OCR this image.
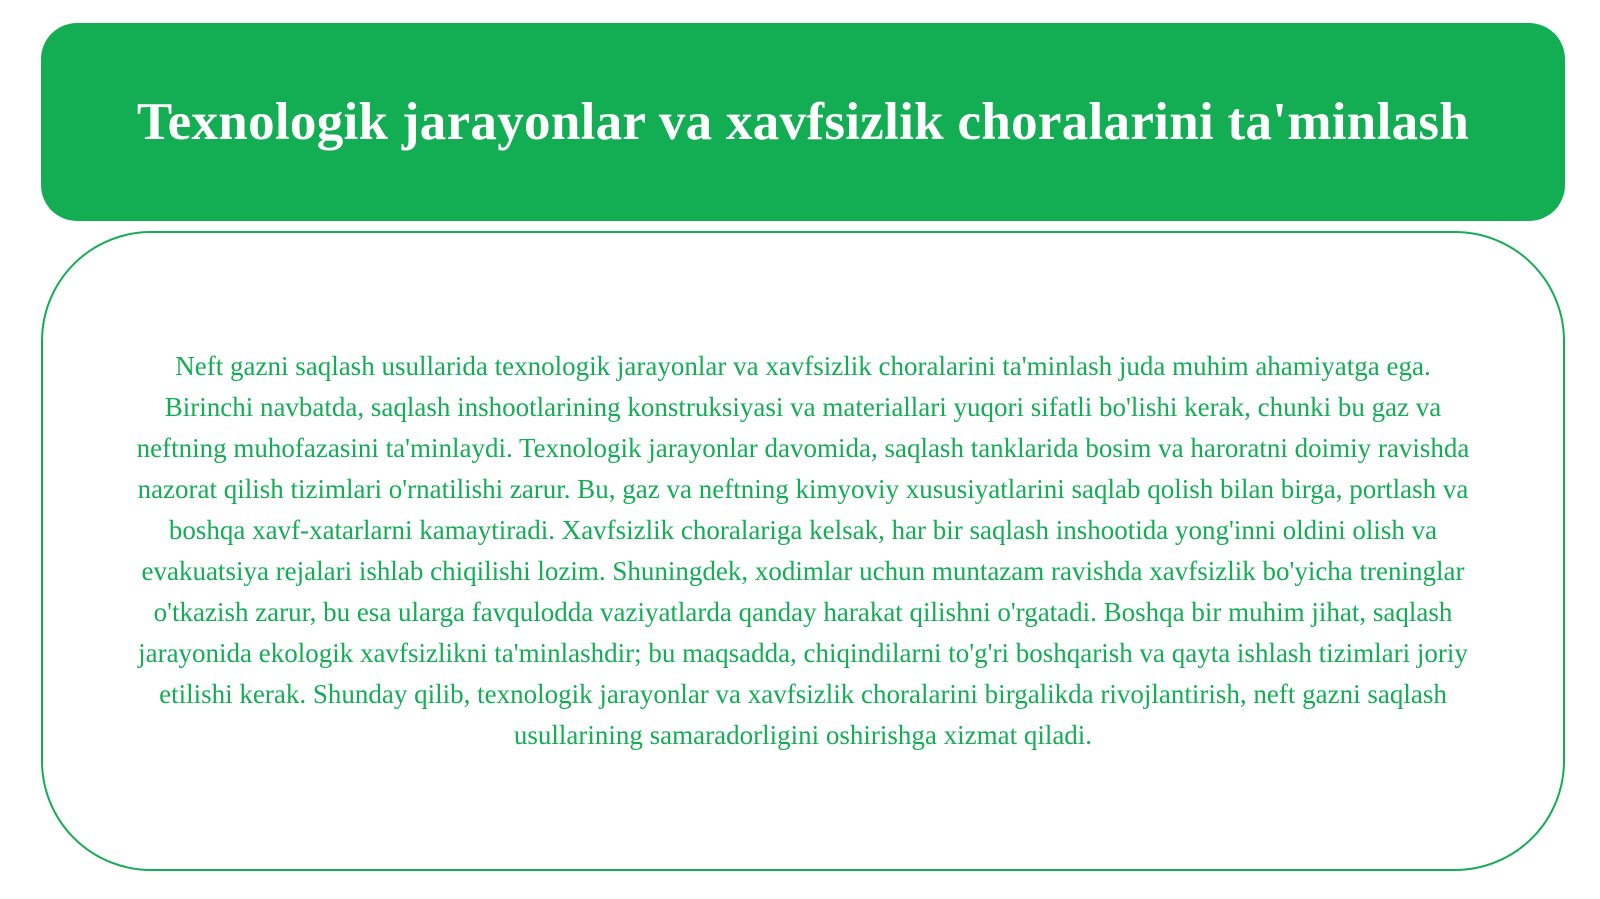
Texnologik jarayonlar va xavfsizlik choralarini ta'minlash

Neft gazni saqlash usullarida texnologik jarayonlar va xavfsizlik choralarini ta'minlash juda muhim ahamiyatga ega. Birinchi navbatda, saqlash inshootlarining konstruksiyasi va materiallari yuqori sifatli bo'lishi kerak, chunki bu gaz va neftning muhofazasini ta'minlaydi. Texnologik jarayonlar davomida, saqlash tanklarida bosim va haroratni doimiy ravishda nazorat qilish tizimlari o'rnatilishi zarur. Bu, gaz va neftning kimyoviy xususiyatlarini saqlab qolish bilan birga, portlash va boshqa xavf-xatarlarni kamaytiradi. Xavfsizlik choralariga kelsak, har bir saqlash inshootida yong'inni oldini olish va evakuatsiya rejalari ishlab chiqilishi lozim. Shuningdek, xodimlar uchun muntazam ravishda xavfsizlik bo'yicha treninglar o'tkazish zarur, bu esa ularga favqulodda vaziyatlarda qanday harakat qilishni o'rgatadi. Boshqa bir muhim jihat, saqlash jarayonida ekologik xavfsizlikni ta'minlashdir; bu maqsadda, chiqindilarni to'g'ri boshqarish va qayta ishlash tizimlari joriy etilishi kerak. Shunday qilib, texnologik jarayonlar va xavfsizlik choralarini birgalikda rivojlantirish, neft gazni saqlash usullarining samaradorligini oshirishga xizmat qiladi.
